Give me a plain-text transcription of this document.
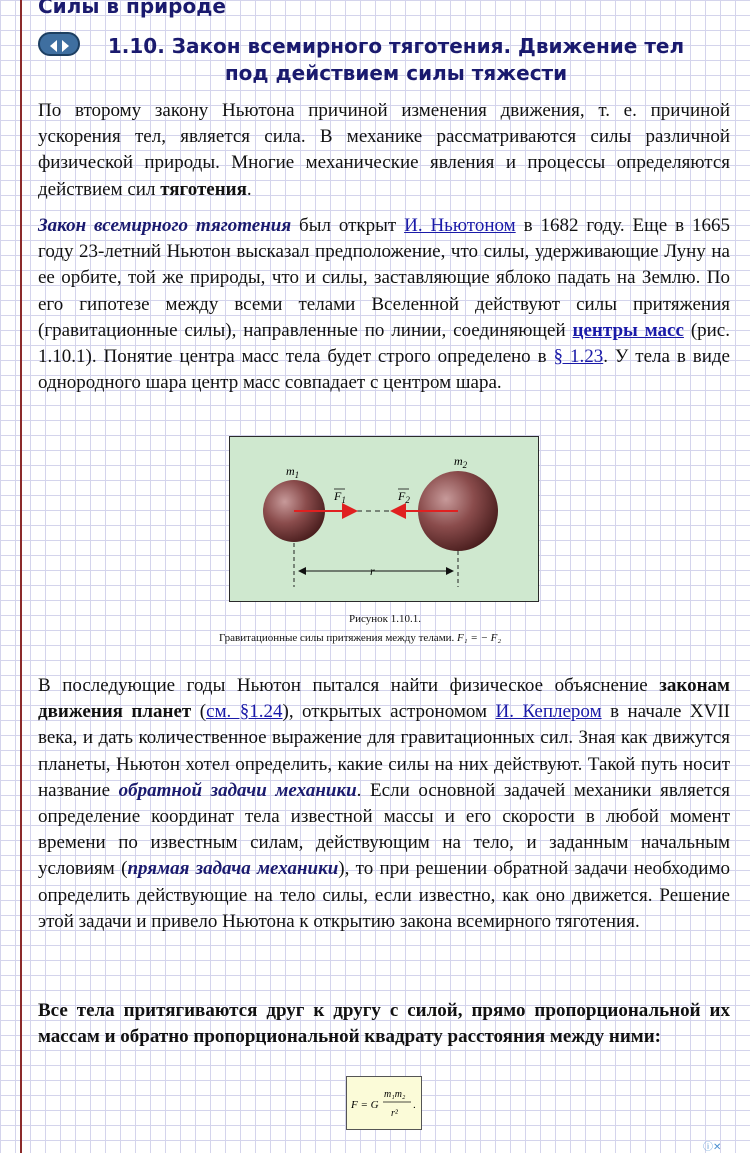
Силы в природе
1.10. Закон всемирного тяготения. Движение тел под действием силы тяжести

По второму закону Ньютона причиной изменения движения, т. е. причиной ускорения тел, является сила. В механике рассматриваются силы различной физической природы. Многие механические явления и процессы определяются действием сил тяготения.

Закон всемирного тяготения был открыт И. Ньютоном в 1682 году. Еще в 1665 году 23-летний Ньютон высказал предположение, что силы, удерживающие Луну на ее орбите, той же природы, что и силы, заставляющие яблоко падать на Землю. По его гипотезе между всеми телами Вселенной действуют силы притяжения (гравитационные силы), направленные по линии, соединяющей центры масс (рис. 1.10.1). Понятие центра масс тела будет строго определено в § 1.23. У тела в виде однородного шара центр масс совпадает с центром шара.

$m_1$
$m_2$
$F_1$	$F_2$
r
Рисунок 1.10.1.
Гравитационные силы притяжения между телами. F₁ = − F₂

В последующие годы Ньютон пытался найти физическое объяснение законам движения планет (см. §1.24), открытых астрономом И. Кеплером в начале XVII века, и дать количественное выражение для гравитационных сил. Зная как движутся планеты, Ньютон хотел определить, какие силы на них действуют. Такой путь носит название обратной задачи механики. Если основной задачей механики является определение координат тела известной массы и его скорости в любой момент времени по известным силам, действующим на тело, и заданным начальным условиям (прямая задача механики), то при решении обратной задачи необходимо определить действующие на тело силы, если известно, как оно движется. Решение этой задачи и привело Ньютона к открытию закона всемирного тяготения.

Все тела притягиваются друг к другу с силой, прямо пропорциональной их массам и обратно пропорциональной квадрату расстояния между ними:

F = G
m₁m₂
r²
.
ⓘ✕
